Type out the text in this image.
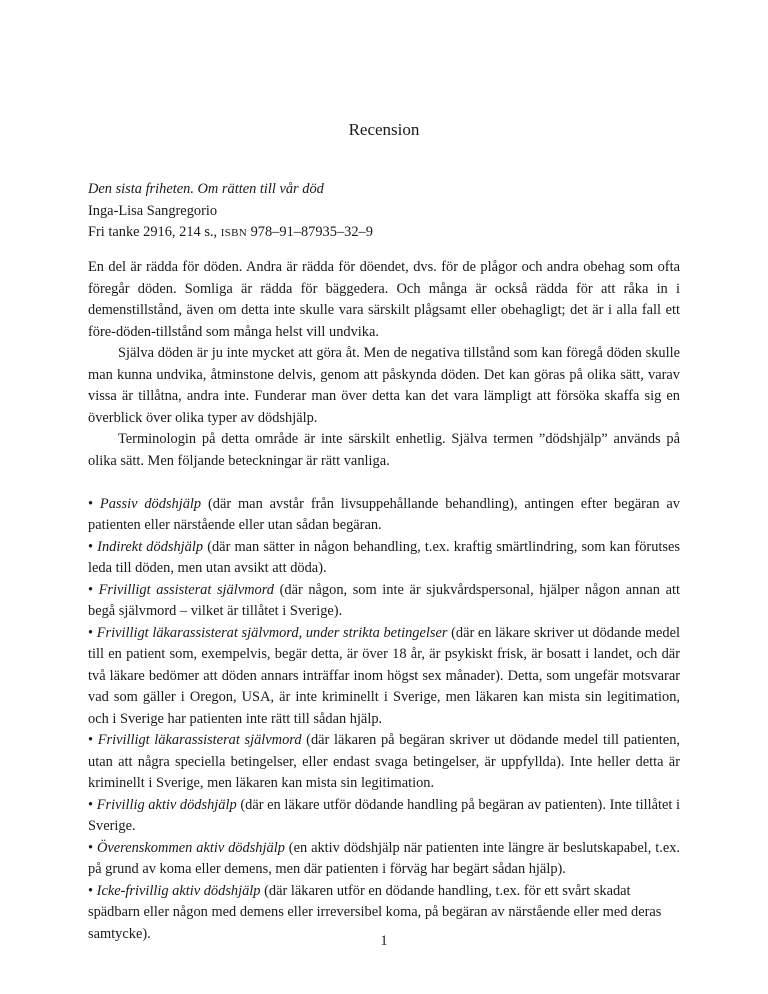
Recension
Den sista friheten. Om rätten till vår död
Inga-Lisa Sangregorio
Fri tanke 2916, 214 s., ISBN 978–91–87935–32–9

En del är rädda för döden. Andra är rädda för döendet, dvs. för de plågor och andra obehag som ofta föregår döden. Somliga är rädda för bäggedera. Och många är också rädda för att råka in i demenstillstånd, även om detta inte skulle vara särskilt plågsamt eller obehagligt; det är i alla fall ett före-döden-tillstånd som många helst vill undvika.

Själva döden är ju inte mycket att göra åt. Men de negativa tillstånd som kan föregå döden skulle man kunna undvika, åtminstone delvis, genom att påskynda döden. Det kan göras på olika sätt, varav vissa är tillåtna, andra inte. Funderar man över detta kan det vara lämpligt att försöka skaffa sig en överblick över olika typer av dödshjälp.

Terminologin på detta område är inte särskilt enhetlig. Själva termen ”dödshjälp” används på olika sätt. Men följande beteckningar är rätt vanliga.

• Passiv dödshjälp (där man avstår från livsuppehållande behandling), antingen efter begäran av patienten eller närstående eller utan sådan begäran.

• Indirekt dödshjälp (där man sätter in någon behandling, t.ex. kraftig smärtlindring, som kan förutses leda till döden, men utan avsikt att döda).

• Frivilligt assisterat självmord (där någon, som inte är sjukvårdspersonal, hjälper någon annan att begå självmord – vilket är tillåtet i Sverige).

• Frivilligt läkarassisterat självmord, under strikta betingelser (där en läkare skriver ut dödande medel till en patient som, exempelvis, begär detta, är över 18 år, är psykiskt frisk, är bosatt i landet, och där två läkare bedömer att döden annars inträffar inom högst sex månader). Detta, som ungefär motsvarar vad som gäller i Oregon, USA, är inte kriminellt i Sverige, men läkaren kan mista sin legitimation, och i Sverige har patienten inte rätt till sådan hjälp.

• Frivilligt läkarassisterat självmord (där läkaren på begäran skriver ut dödande medel till patienten, utan att några speciella betingelser, eller endast svaga betingelser, är uppfyllda). Inte heller detta är kriminellt i Sverige, men läkaren kan mista sin legitimation.

• Frivillig aktiv dödshjälp (där en läkare utför dödande handling på begäran av patienten). Inte tillåtet i Sverige.

• Överenskommen aktiv dödshjälp (en aktiv dödshjälp när patienten inte längre är beslutskapabel, t.ex. på grund av koma eller demens, men där patienten i förväg har begärt sådan hjälp).

• Icke-frivillig aktiv dödshjälp (där läkaren utför en dödande handling, t.ex. för ett svårt skadat spädbarn eller någon med demens eller irreversibel koma, på begäran av närstående eller med deras samtycke).	1
